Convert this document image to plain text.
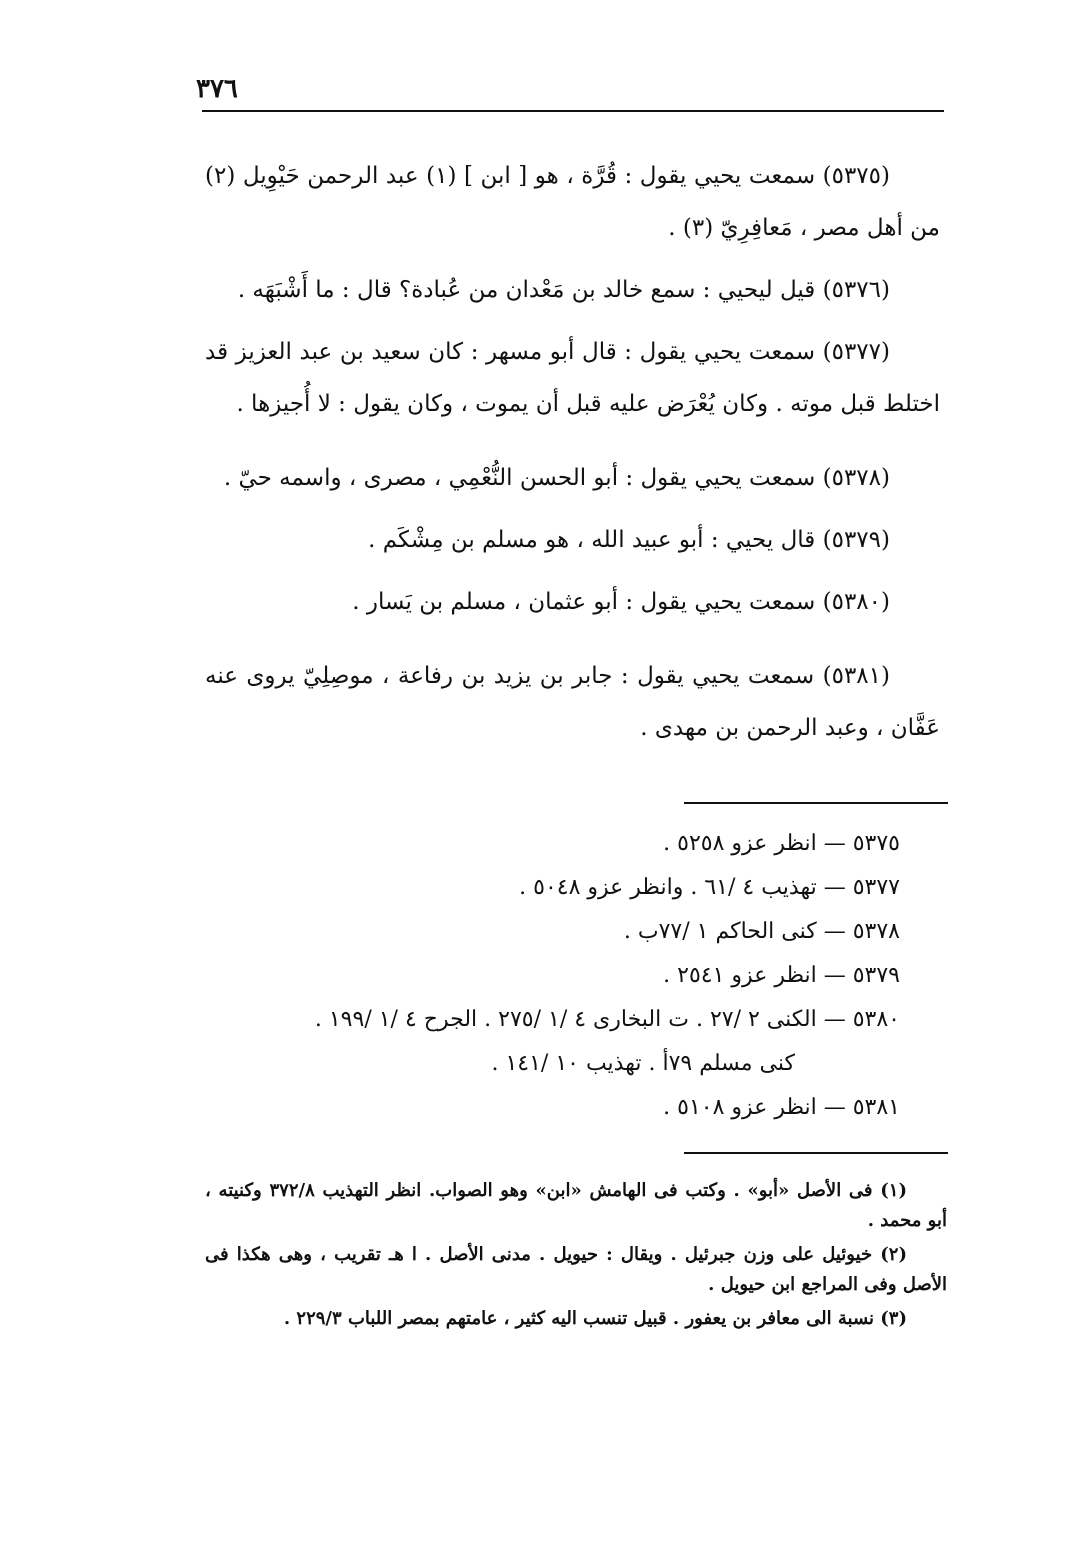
٣٧٦

(٥٣٧٥) سمعت يحيي يقول : قُرَّة ، هو [ ابن ] (١) عبد الرحمن حَيْوِيل (٢) من أهل مصر ، مَعافِرِيّ (٣) .

(٥٣٧٦) قيل ليحيي : سمع خالد بن مَعْدان من عُبادة؟ قال : ما أَشْبَهَه .

(٥٣٧٧) سمعت يحيي يقول : قال أبو مسهر : كان سعيد بن عبد العزيز قد اختلط قبل موته . وكان يُعْرَض عليه قبل أن يموت ، وكان يقول : لا أُجيزها .

(٥٣٧٨) سمعت يحيي يقول : أبو الحسن النُّعْمِي ، مصرى ، واسمه حيّ .

(٥٣٧٩) قال يحيي : أبو عبيد الله ، هو مسلم بن مِشْكَم .

(٥٣٨٠) سمعت يحيي يقول : أبو عثمان ، مسلم بن يَسار .

(٥٣٨١) سمعت يحيي يقول : جابر بن يزيد بن رفاعة ، موصِلِيّ يروى عنه عَفَّان ، وعبد الرحمن بن مهدى .

٥٣٧٥ — انظر عزو ٥٢٥٨ .

٥٣٧٧ — تهذيب ٤ /٦١ . وانظر عزو ٥٠٤٨ .

٥٣٧٨ — كنى الحاكم ١ /٧٧ب .

٥٣٧٩ — انظر عزو ٢٥٤١ .

٥٣٨٠ — الكنى ٢ /٢٧ . ت البخارى ٤ /١ /٢٧٥ . الجرح ٤ /١ /١٩٩ .

كنى مسلم ٧٩أ . تهذيب ١٠ /١٤١ .

٥٣٨١ — انظر عزو ٥١٠٨ .

(١) فى الأصل «أبو» . وكتب فى الهامش «ابن» وهو الصواب. انظر التهذيب ٣٧٢/٨ وكنيته ، أبو محمد .

(٢) خيوئيل على وزن جبرئيل . ويقال : حيويل . مدنى الأصل . ا هـ تقريب ، وهى هكذا فى الأصل وفى المراجع ابن حيويل .

(٣) نسبة الى معافر بن يعفور . قبيل تنسب اليه كثير ، عامتهم بمصر اللباب ٢٢٩/٣ .
